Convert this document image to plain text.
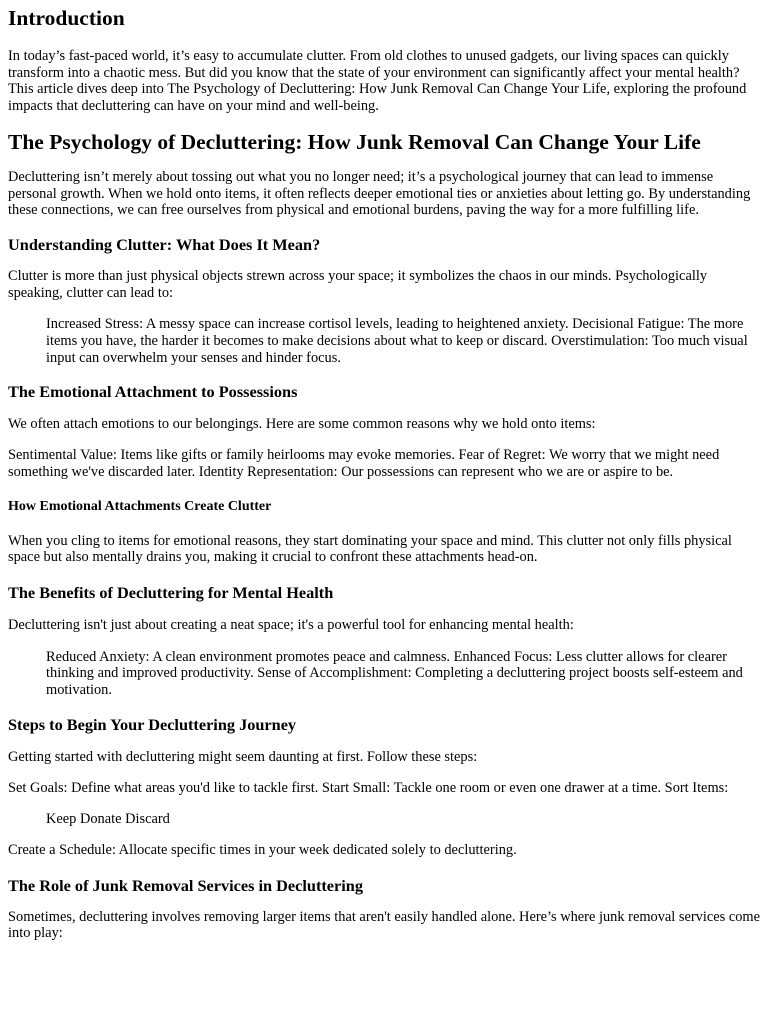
Introduction

In today’s fast-paced world, it’s easy to accumulate clutter. From old clothes to unused gadgets, our living spaces can quickly transform into a chaotic mess. But did you know that the state of your environment can significantly affect your mental health? This article dives deep into The Psychology of Decluttering: How Junk Removal Can Change Your Life, exploring the profound impacts that decluttering can have on your mind and well-being.

The Psychology of Decluttering: How Junk Removal Can Change Your Life

Decluttering isn’t merely about tossing out what you no longer need; it’s a psychological journey that can lead to immense personal growth. When we hold onto items, it often reflects deeper emotional ties or anxieties about letting go. By understanding these connections, we can free ourselves from physical and emotional burdens, paving the way for a more fulfilling life.

Understanding Clutter: What Does It Mean?

Clutter is more than just physical objects strewn across your space; it symbolizes the chaos in our minds. Psychologically speaking, clutter can lead to:

Increased Stress: A messy space can increase cortisol levels, leading to heightened anxiety. Decisional Fatigue: The more items you have, the harder it becomes to make decisions about what to keep or discard. Overstimulation: Too much visual input can overwhelm your senses and hinder focus.
The Emotional Attachment to Possessions

We often attach emotions to our belongings. Here are some common reasons why we hold onto items:

Sentimental Value: Items like gifts or family heirlooms may evoke memories. Fear of Regret: We worry that we might need something we've discarded later. Identity Representation: Our possessions can represent who we are or aspire to be.

How Emotional Attachments Create Clutter

When you cling to items for emotional reasons, they start dominating your space and mind. This clutter not only fills physical space but also mentally drains you, making it crucial to confront these attachments head-on.

The Benefits of Decluttering for Mental Health

Decluttering isn't just about creating a neat space; it's a powerful tool for enhancing mental health:

Reduced Anxiety: A clean environment promotes peace and calmness. Enhanced Focus: Less clutter allows for clearer thinking and improved productivity. Sense of Accomplishment: Completing a decluttering project boosts self-esteem and motivation.
Steps to Begin Your Decluttering Journey

Getting started with decluttering might seem daunting at first. Follow these steps:

Set Goals: Define what areas you'd like to tackle first. Start Small: Tackle one room or even one drawer at a time. Sort Items:

Keep Donate Discard

Create a Schedule: Allocate specific times in your week dedicated solely to decluttering.

The Role of Junk Removal Services in Decluttering

Sometimes, decluttering involves removing larger items that aren't easily handled alone. Here’s where junk removal services come into play:
